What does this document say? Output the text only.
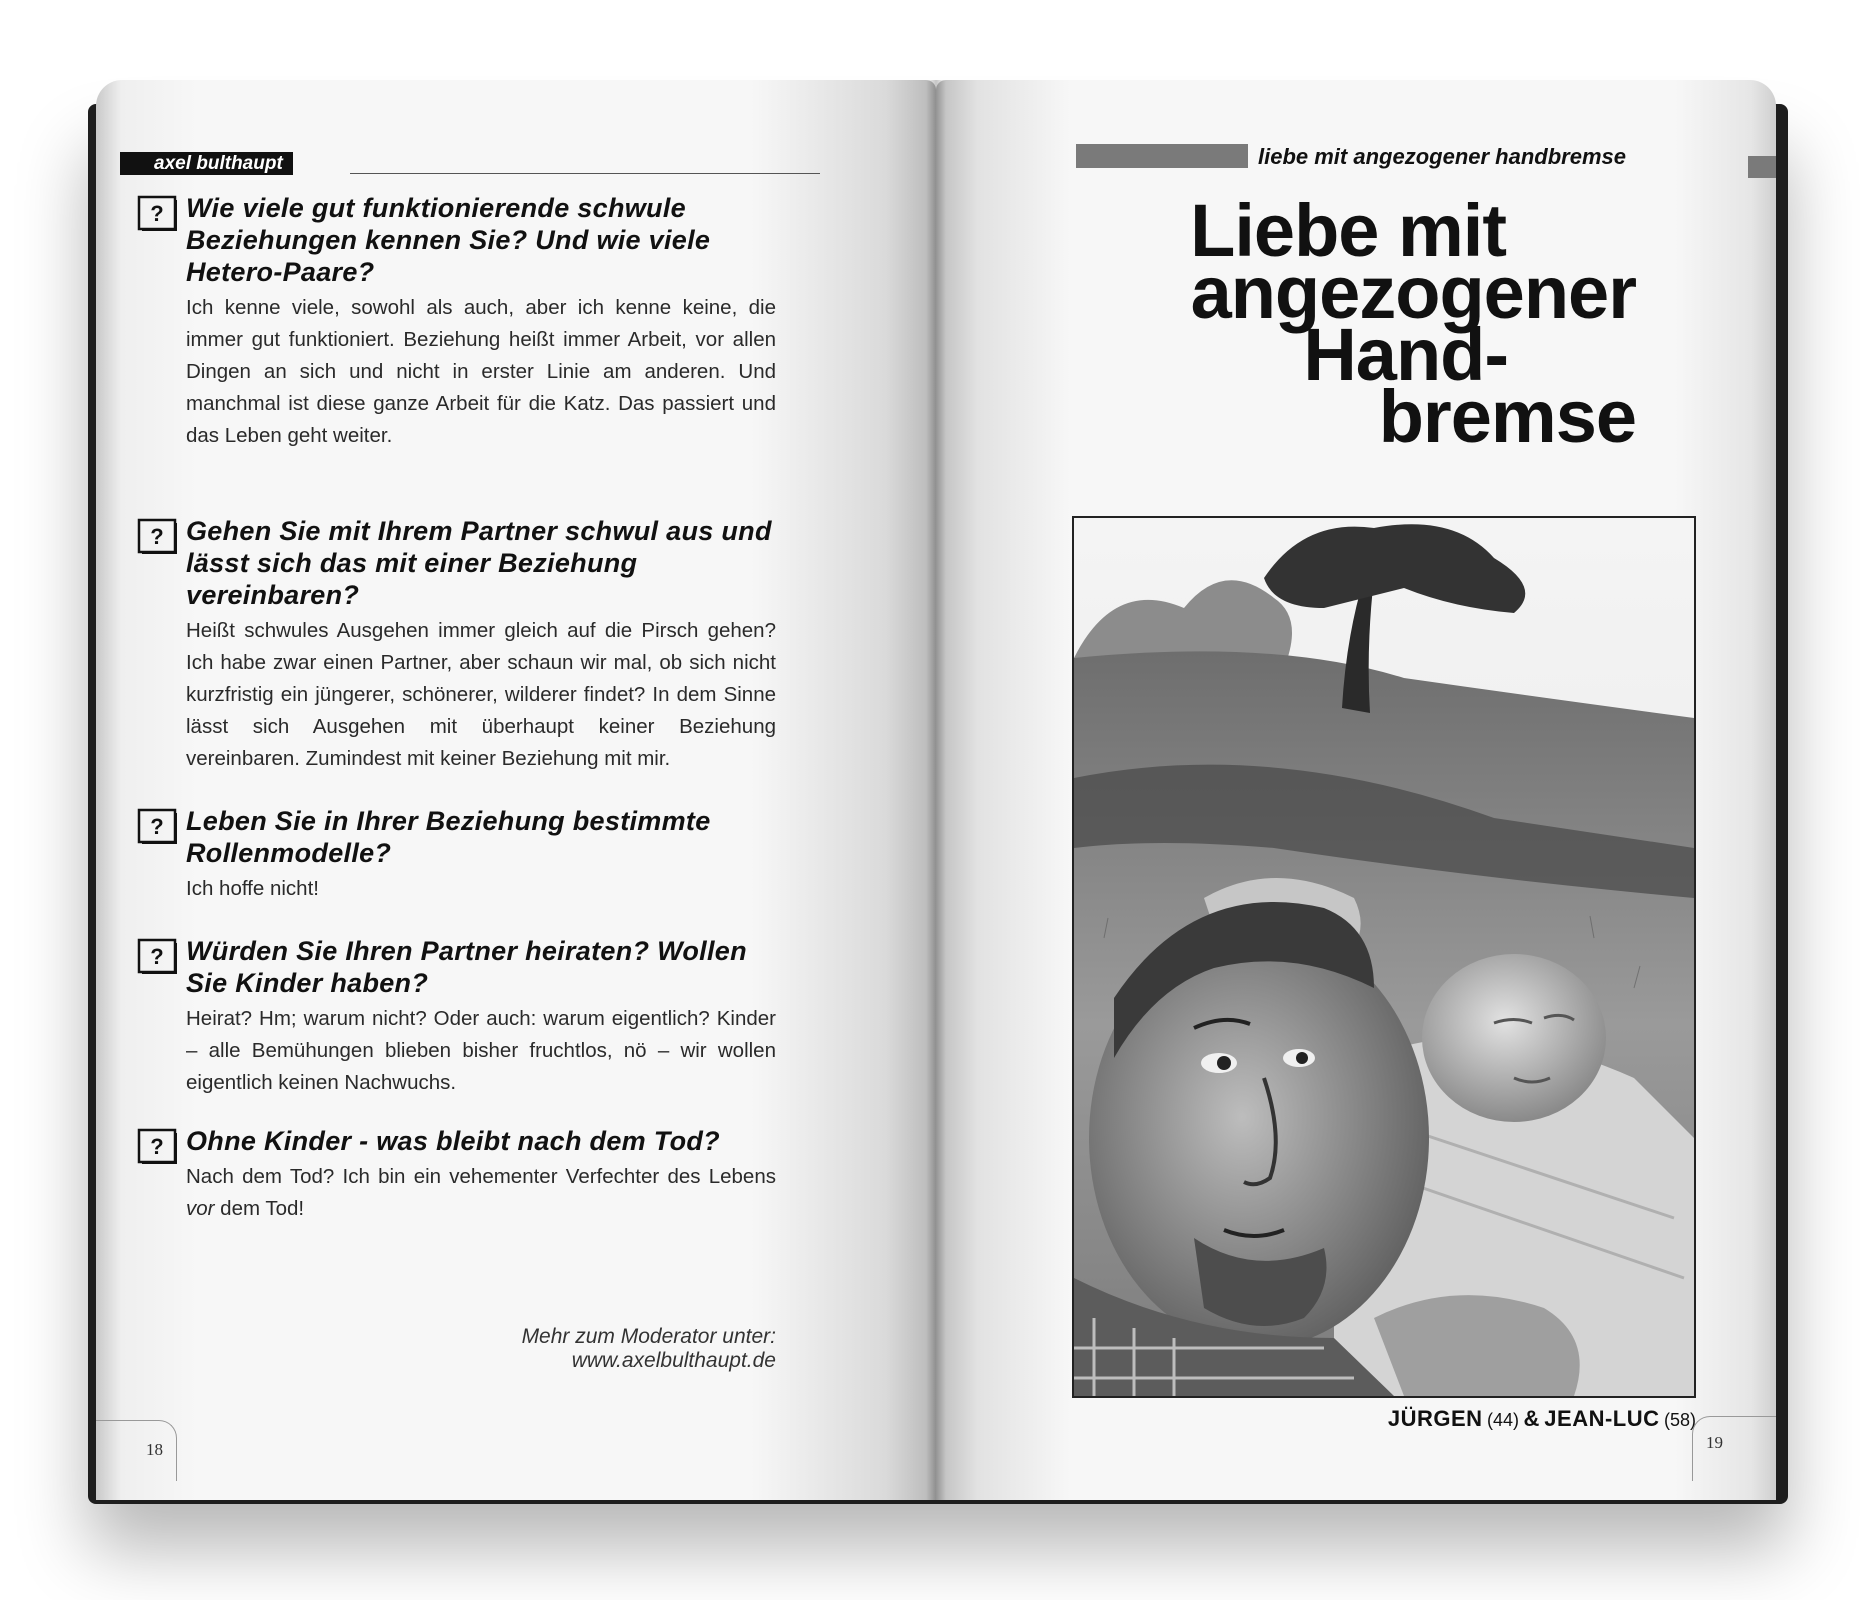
axel bulthaupt
? Wie viele gut funktionierende schwule Beziehungen kennen Sie? Und wie viele Hetero-Paare?

Ich kenne viele, sowohl als auch, aber ich kenne keine, die immer gut funktioniert. Beziehung heißt immer Arbeit, vor allen Dingen an sich und nicht in erster Linie am anderen. Und manchmal ist diese ganze Arbeit für die Katz. Das passiert und das Leben geht weiter.

? Gehen Sie mit Ihrem Partner schwul aus und lässt sich das mit einer Beziehung vereinbaren?

Heißt schwules Ausgehen immer gleich auf die Pirsch gehen? Ich habe zwar einen Partner, aber schaun wir mal, ob sich nicht kurzfristig ein jüngerer, schönerer, wilderer findet? In dem Sinne lässt sich Ausgehen mit überhaupt keiner Beziehung vereinbaren. Zumindest mit keiner Beziehung mit mir.

? Leben Sie in Ihrer Beziehung bestimmte Rollenmodelle?

Ich hoffe nicht!

? Würden Sie Ihren Partner heiraten? Wollen Sie Kinder haben?

Heirat? Hm; warum nicht? Oder auch: warum eigentlich? Kinder – alle Bemühungen blieben bisher fruchtlos, nö – wir wollen eigentlich keinen Nachwuchs.

? Ohne Kinder - was bleibt nach dem Tod?

Nach dem Tod? Ich bin ein vehementer Verfechter des Lebens vor dem Tod!

Mehr zum Moderator unter: www.axelbulthaupt.de
18
liebe mit angezogener handbremse
Liebe mit
angezogener
Hand-
bremse
JÜRGEN (44) & JEAN-LUC (58)
19
